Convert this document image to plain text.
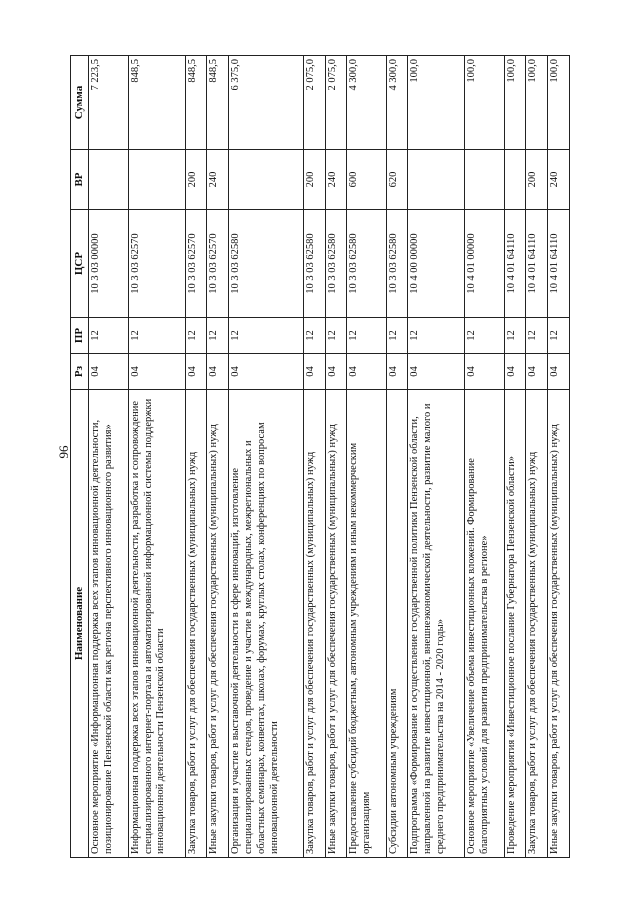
96
Наименование	Рз	ПР	ЦСР	ВР	Сумма
Основное мероприятие «Информационная поддержка всех этапов инновационной деятельности, позиционирование Пензенской области как региона перспективного инновационного развития»	04	12	10 3 03 00000		7 223,5
Информационная поддержка всех этапов инновационной деятельности, разработка и сопровождение специализированного интернет-портала и автоматизированной информационной системы поддержки инновационной деятельности Пензенской области	04	12	10 3 03 62570		848,5
Закупка товаров, работ и услуг для обеспечения государственных (муниципальных) нужд	04	12	10 3 03 62570	200	848,5
Иные закупки товаров, работ и услуг для обеспечения государственных (муниципальных) нужд	04	12	10 3 03 62570	240	848,5
Организация и участие в выставочной деятельности в сфере инноваций, изготовление специализированных стендов, проведение и участие в международных, межрегиональных и областных семинарах, конвентах, школах, форумах, круглых столах, конференциях по вопросам инновационной деятельности	04	12	10 3 03 62580		6 375,0
Закупка товаров, работ и услуг для обеспечения государственных (муниципальных) нужд	04	12	10 3 03 62580	200	2 075,0
Иные закупки товаров, работ и услуг для обеспечения государственных (муниципальных) нужд	04	12	10 3 03 62580	240	2 075,0
Предоставление субсидий бюджетным, автономным учреждениям и иным некоммерческим организациям	04	12	10 3 03 62580	600	4 300,0
Субсидии автономным учреждениям	04	12	10 3 03 62580	620	4 300,0
Подпрограмма «Формирование и осуществление государственной политики Пензенской области, направленной на развитие инвестиционной, внешнеэкономической деятельности, развитие малого и среднего предпринимательства на 2014 - 2020 годы»	04	12	10 4 00 00000		100,0
Основное мероприятие «Увеличение объема инвестиционных вложений. Формирование благоприятных условий для развития предпринимательства в регионе»	04	12	10 4 01 00000		100,0
Проведение мероприятия «Инвестиционное послание Губернатора Пензенской области»	04	12	10 4 01 64110		100,0
Закупка товаров, работ и услуг для обеспечения государственных (муниципальных) нужд	04	12	10 4 01 64110	200	100,0
Иные закупки товаров, работ и услуг для обеспечения государственных (муниципальных) нужд	04	12	10 4 01 64110	240	100,0
